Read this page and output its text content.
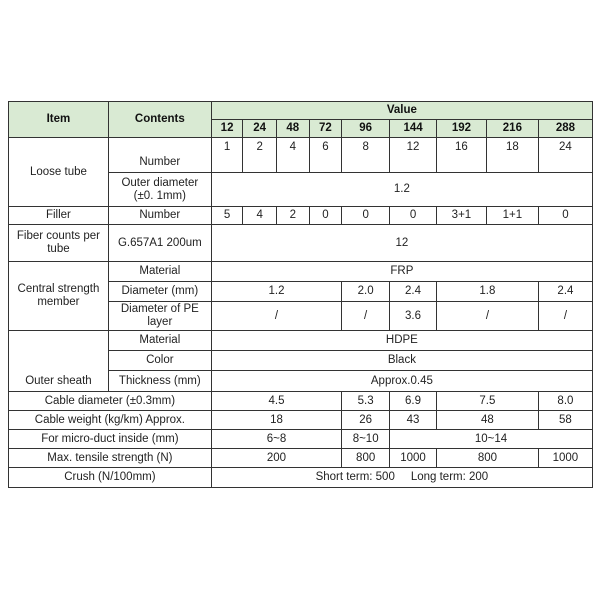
Item	Contents	Value								
		12	24	48	72	96	144	192	216	288
Loose tube	Number	1	2	4	6	8	12	16	18	24
	Outer diameter (±0. 1mm)	1.2								
Filler	Number	5	4	2	0	0	0	3+1	1+1	0
Fiber counts per tube	G.657A1 200um	12								
Central strength member	Material	FRP								
	Diameter (mm)	1.2				2.0	2.4	1.8		2.4
	Diameter of PE layer	/				/	3.6	/		/
Outer sheath	Material	HDPE								
	Color	Black								
	Thickness (mm)	Approx.0.45								
Cable diameter (±0.3mm)		4.5				5.3	6.9	7.5		8.0
Cable weight (kg/km) Approx.		18				26	43	48		58
For micro-duct inside (mm)		6~8				8~10	10~14			
Max. tensile strength (N)		200				800	1000	800		1000
Crush (N/100mm)		Short term: 500     Long term: 200								
